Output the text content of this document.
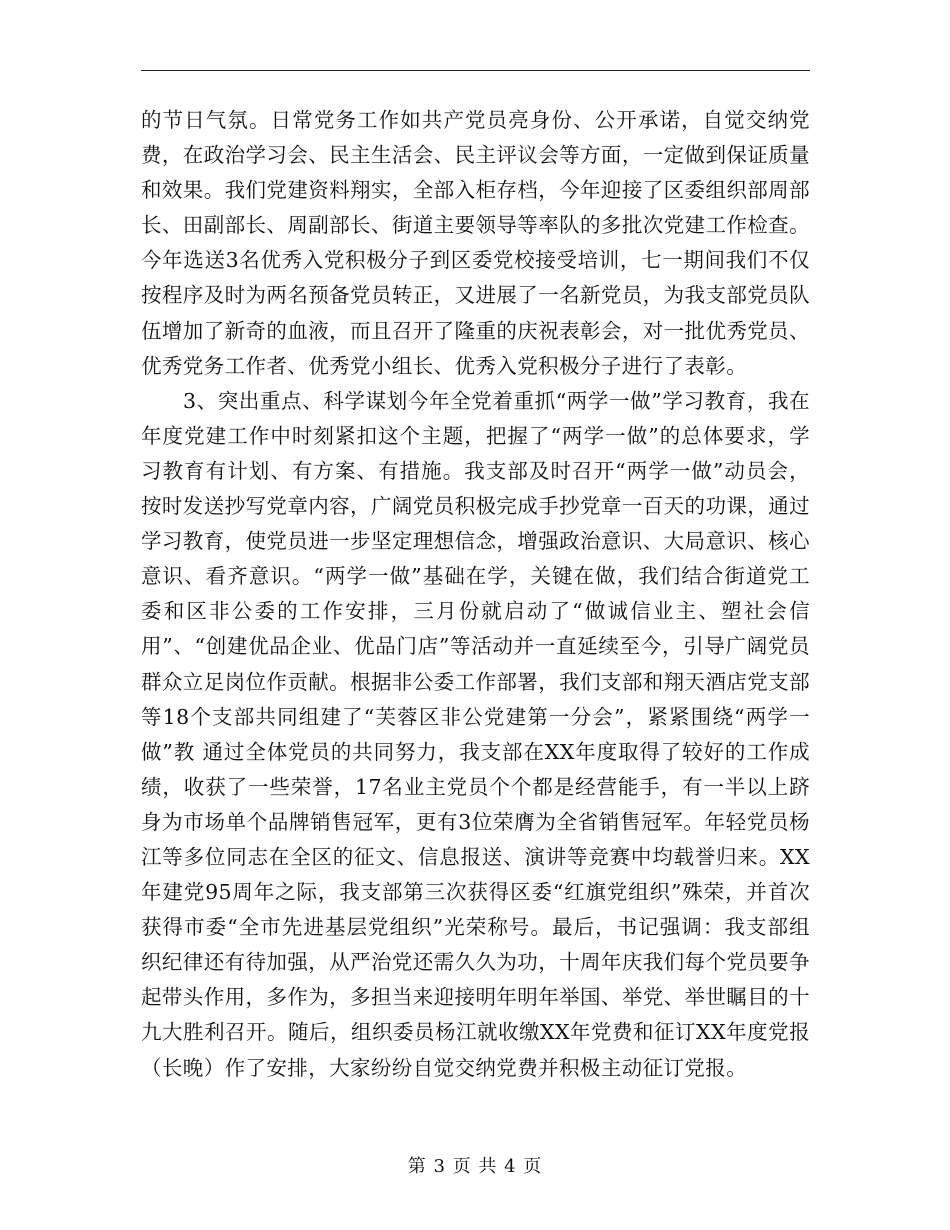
的节日气氛。日常党务工作如共产党员亮身份、公开承诺，自觉交纳党费，在政治学习会、民主生活会、民主评议会等方面，一定做到保证质量和效果。我们党建资料翔实，全部入柜存档，今年迎接了区委组织部周部长、田副部长、周副部长、街道主要领导等率队的多批次党建工作检查。今年选送3名优秀入党积极分子到区委党校接受培训，七一期间我们不仅按程序及时为两名预备党员转正，又进展了一名新党员，为我支部党员队伍增加了新奇的血液，而且召开了隆重的庆祝表彰会，对一批优秀党员、优秀党务工作者、优秀党小组长、优秀入党积极分子进行了表彰。

3、突出重点、科学谋划今年全党着重抓“两学一做”学习教育，我在年度党建工作中时刻紧扣这个主题，把握了“两学一做”的总体要求，学习教育有计划、有方案、有措施。我支部及时召开“两学一做”动员会，按时发送抄写党章内容，广阔党员积极完成手抄党章一百天的功课，通过学习教育，使党员进一步坚定理想信念，增强政治意识、大局意识、核心意识、看齐意识。“两学一做”基础在学，关键在做，我们结合街道党工委和区非公委的工作安排，三月份就启动了“做诚信业主、塑社会信用”、“创建优品企业、优品门店”等活动并一直延续至今，引导广阔党员群众立足岗位作贡献。根据非公委工作部署，我们支部和翔天酒店党支部等18个支部共同组建了“芙蓉区非公党建第一分会”，紧紧围绕“两学一做”教 通过全体党员的共同努力，我支部在XX年度取得了较好的工作成绩，收获了一些荣誉，17名业主党员个个都是经营能手，有一半以上跻身为市场单个品牌销售冠军，更有3位荣膺为全省销售冠军。年轻党员杨江等多位同志在全区的征文、信息报送、演讲等竞赛中均载誉归来。XX年建党95周年之际，我支部第三次获得区委“红旗党组织”殊荣，并首次获得市委“全市先进基层党组织”光荣称号。最后，书记强调：我支部组织纪律还有待加强，从严治党还需久久为功，十周年庆我们每个党员要争起带头作用，多作为，多担当来迎接明年明年举国、举党、举世瞩目的十九大胜利召开。随后，组织委员杨江就收缴XX年党费和征订XX年度党报（长晚）作了安排，大家纷纷自觉交纳党费并积极主动征订党报。

第 3 页 共 4 页
